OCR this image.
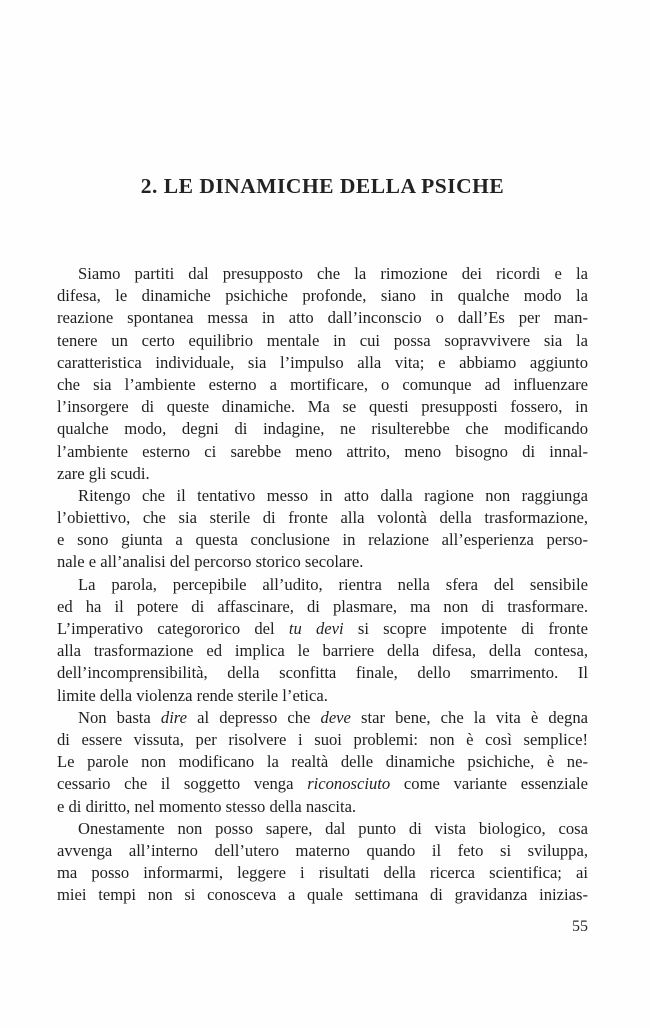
2. LE DINAMICHE DELLA PSICHE
Siamo partiti dal presupposto che la rimozione dei ricordi e la
difesa, le dinamiche psichiche profonde, siano in qualche modo la
reazione spontanea messa in atto dall’inconscio o dall’Es per man-
tenere un certo equilibrio mentale in cui possa sopravvivere sia la
caratteristica individuale, sia l’impulso alla vita; e abbiamo aggiunto
che sia l’ambiente esterno a mortificare, o comunque ad influenzare
l’insorgere di queste dinamiche. Ma se questi presupposti fossero, in
qualche modo, degni di indagine, ne risulterebbe che modificando
l’ambiente esterno ci sarebbe meno attrito, meno bisogno di innal-
zare gli scudi.
Ritengo che il tentativo messo in atto dalla ragione non raggiunga
l’obiettivo, che sia sterile di fronte alla volontà della trasformazione,
e sono giunta a questa conclusione in relazione all’esperienza perso-
nale e all’analisi del percorso storico secolare.
La parola, percepibile all’udito, rientra nella sfera del sensibile
ed ha il potere di affascinare, di plasmare, ma non di trasformare.
L’imperativo categororico del tu devi si scopre impotente di fronte
alla trasformazione ed implica le barriere della difesa, della contesa,
dell’incomprensibilità, della sconfitta finale, dello smarrimento. Il
limite della violenza rende sterile l’etica.
Non basta dire al depresso che deve star bene, che la vita è degna
di essere vissuta, per risolvere i suoi problemi: non è così semplice!
Le parole non modificano la realtà delle dinamiche psichiche, è ne-
cessario che il soggetto venga riconosciuto come variante essenziale
e di diritto, nel momento stesso della nascita.
Onestamente non posso sapere, dal punto di vista biologico, cosa
avvenga all’interno dell’utero materno quando il feto si sviluppa,
ma posso informarmi, leggere i risultati della ricerca scientifica; ai
miei tempi non si conosceva a quale settimana di gravidanza inizias-
55
